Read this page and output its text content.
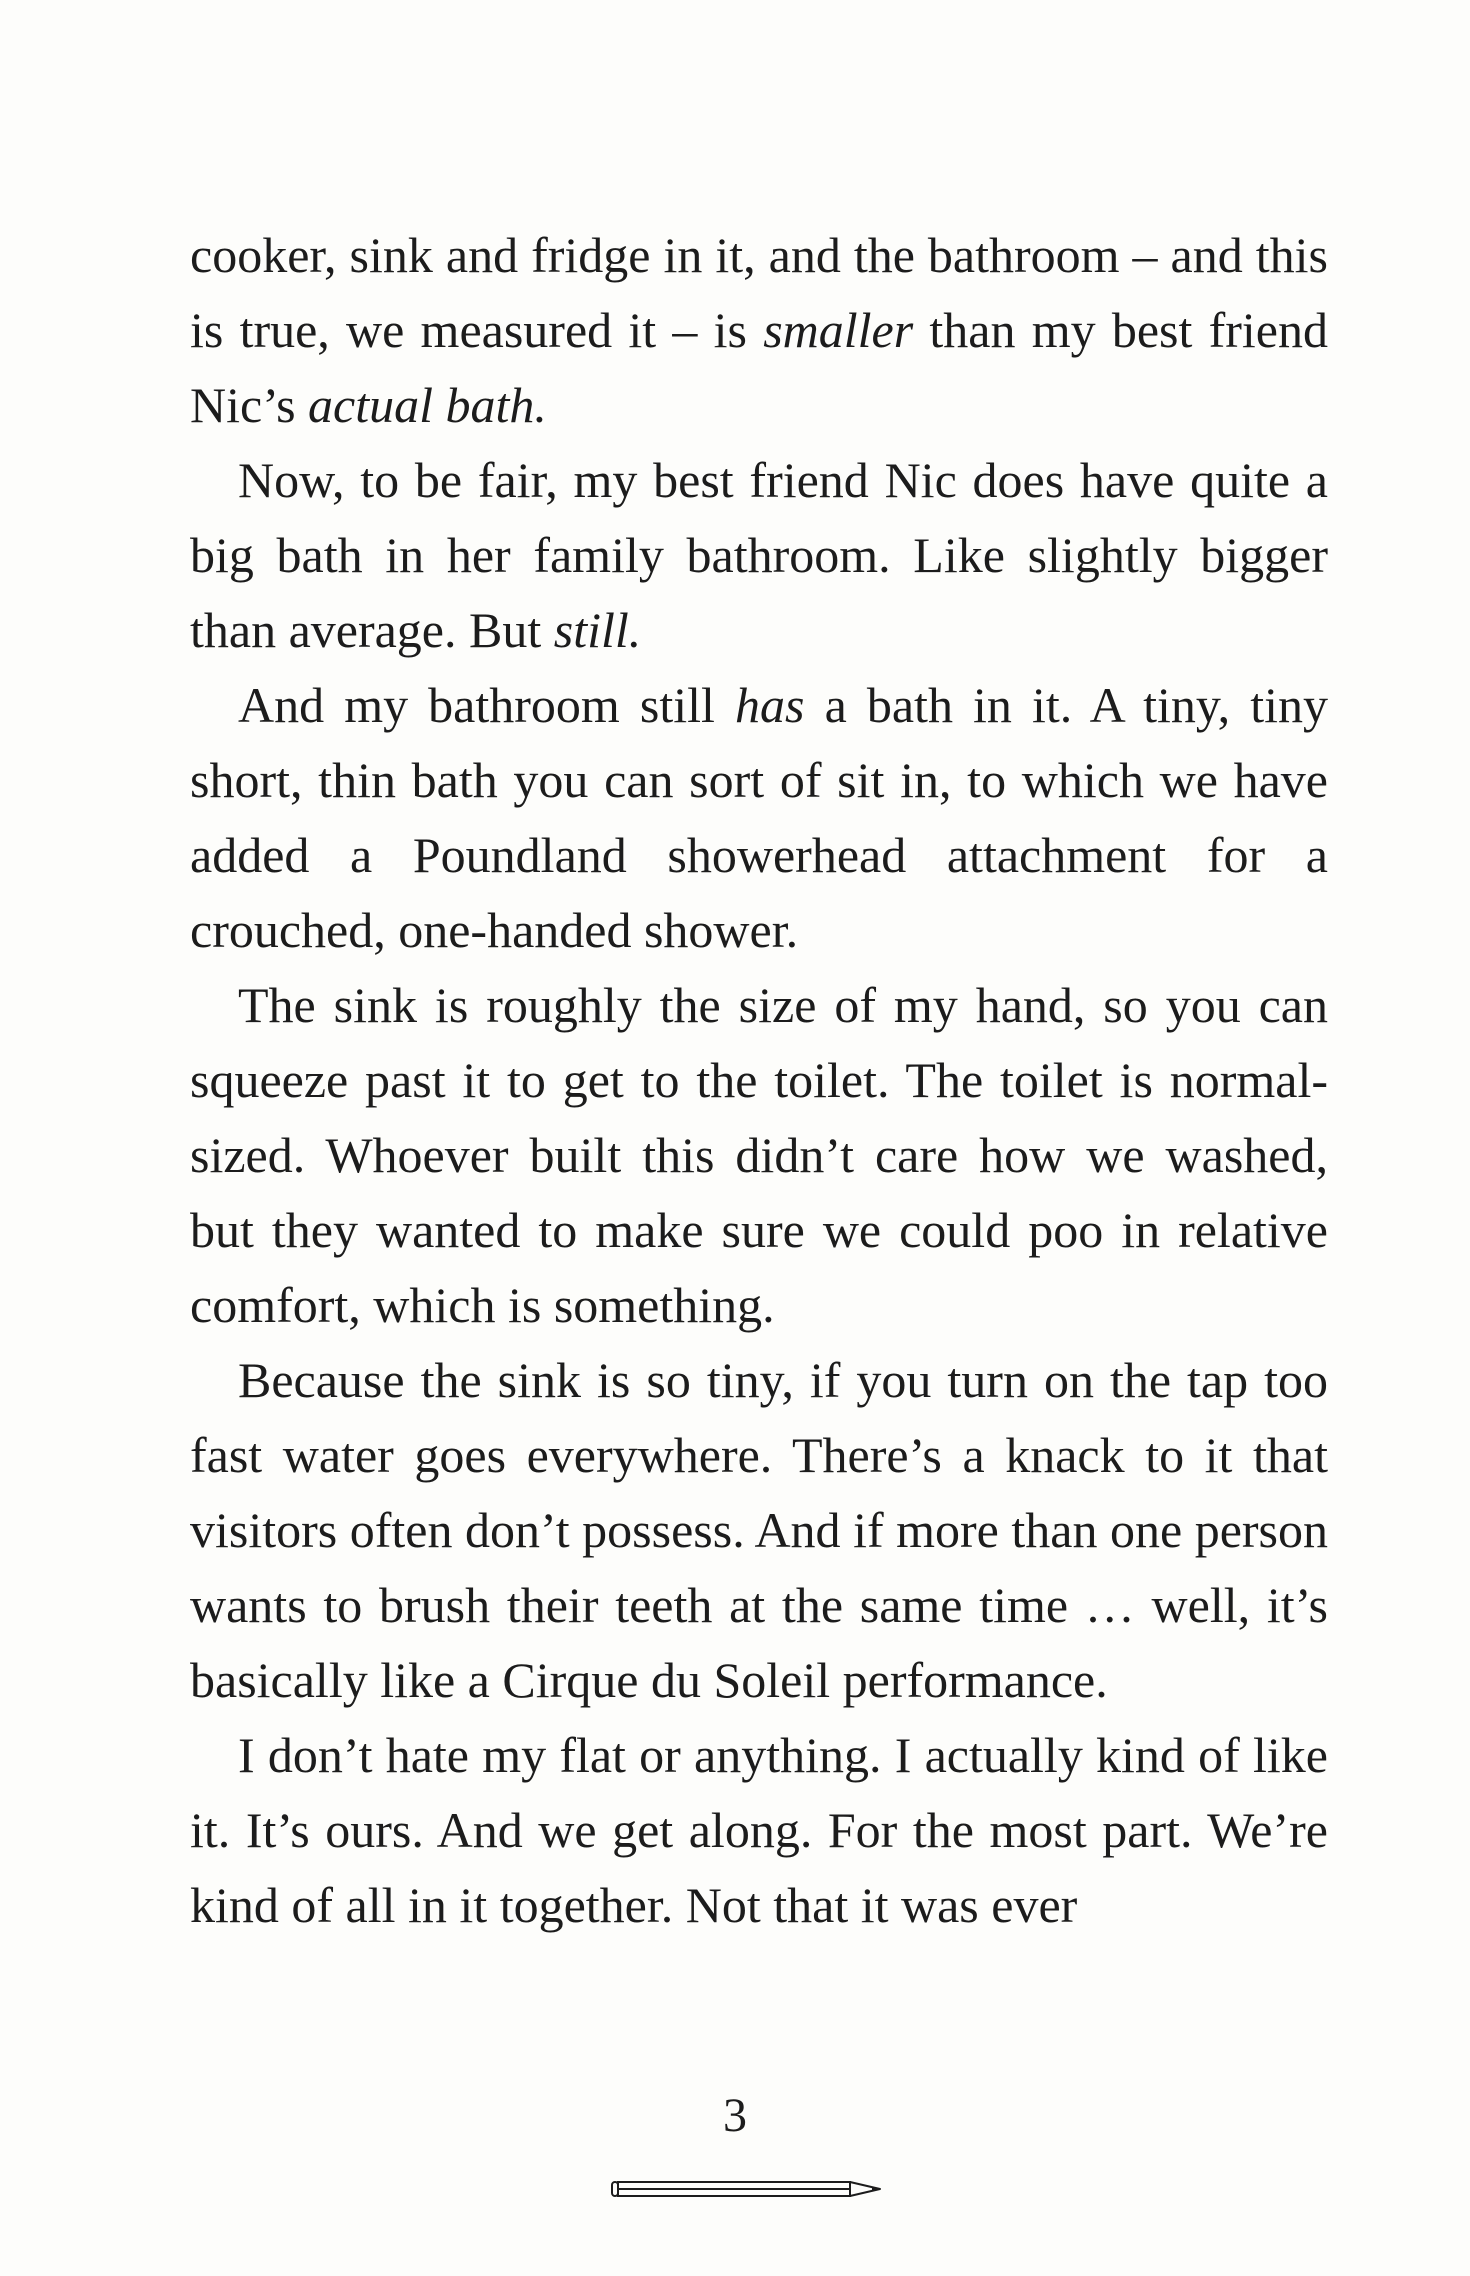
cooker, sink and fridge in it, and the bathroom – and this is true, we measured it – is smaller than my best friend Nic’s actual bath.

Now, to be fair, my best friend Nic does have quite a big bath in her family bathroom. Like slightly bigger than average. But still.

And my bathroom still has a bath in it. A tiny, tiny short, thin bath you can sort of sit in, to which we have added a Poundland showerhead attachment for a crouched, one-handed shower.

The sink is roughly the size of my hand, so you can squeeze past it to get to the toilet. The toilet is normal-sized. Whoever built this didn’t care how we washed, but they wanted to make sure we could poo in relative comfort, which is something.

Because the sink is so tiny, if you turn on the tap too fast water goes everywhere. There’s a knack to it that visitors often don’t possess. And if more than one person wants to brush their teeth at the same time … well, it’s basically like a Cirque du Soleil performance.

I don’t hate my flat or anything. I actually kind of like it. It’s ours. And we get along. For the most part. We’re kind of all in it together. Not that it was ever

3
